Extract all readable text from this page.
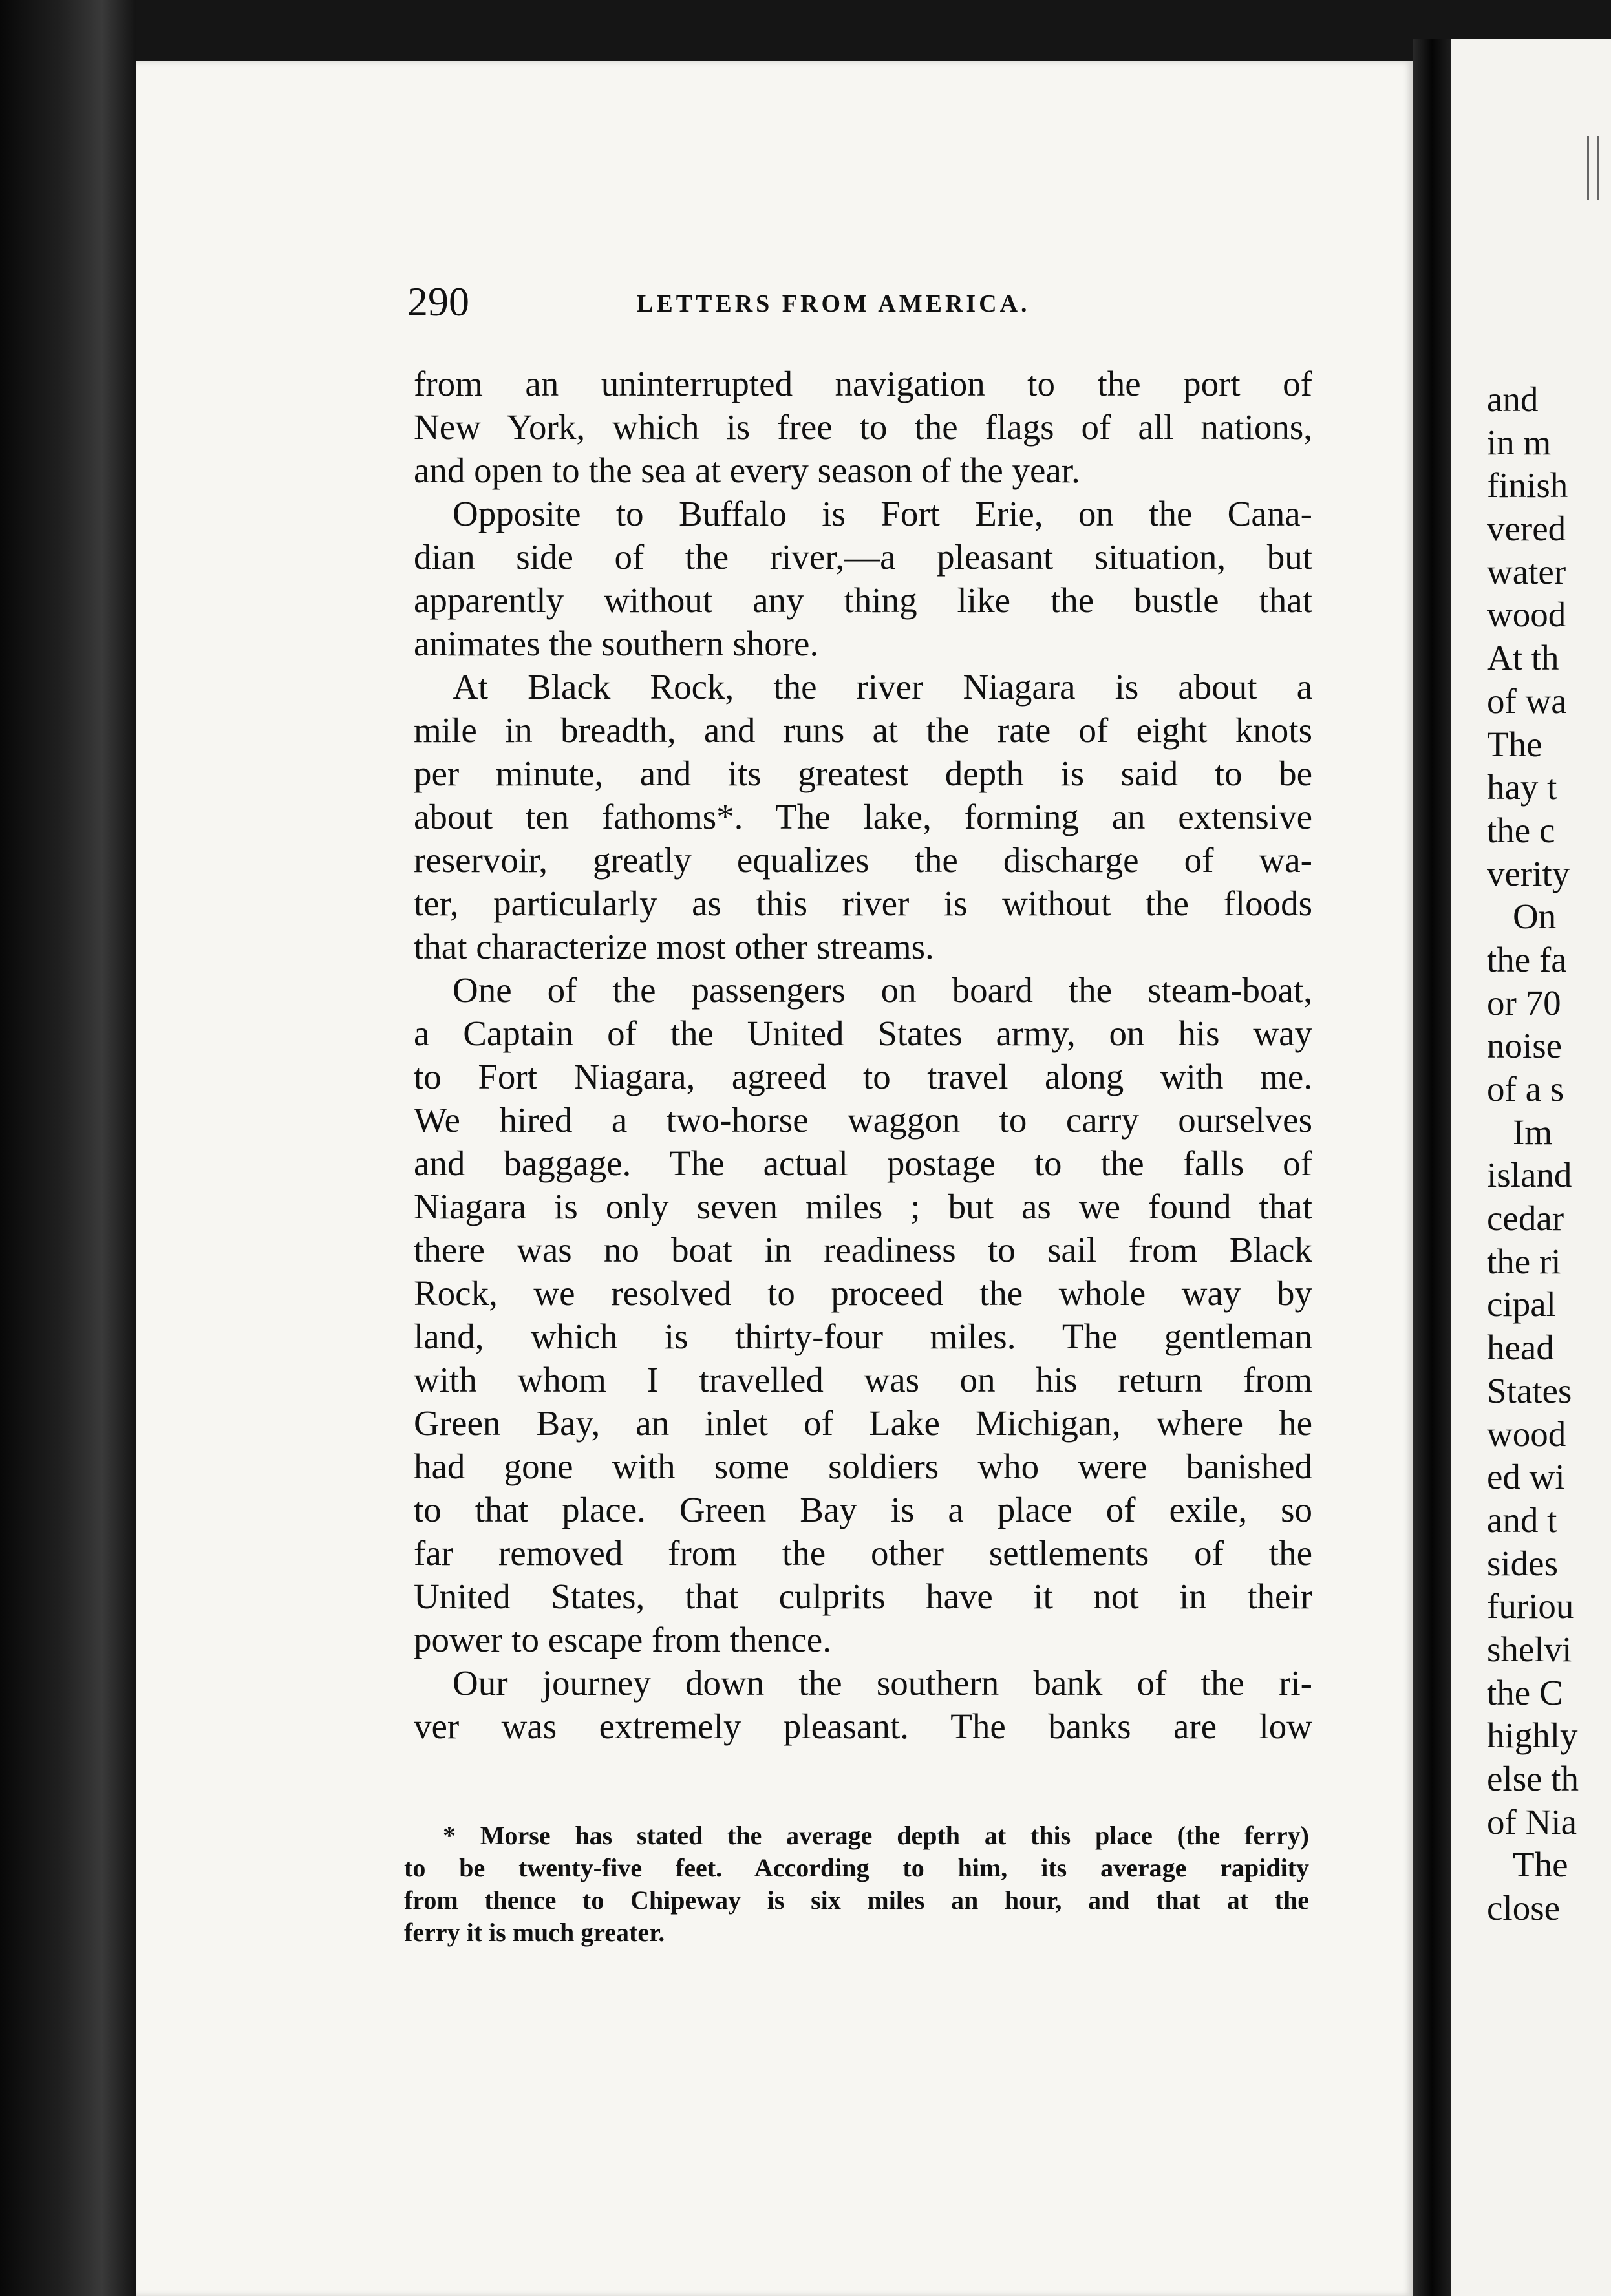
290	LETTERS FROM AMERICA.
from an uninterrupted navigation to the port of
New York, which is free to the flags of all nations,
and open to the sea at every season of the year.
Opposite to Buffalo is Fort Erie, on the Cana-
dian side of the river,—a pleasant situation, but
apparently without any thing like the bustle that
animates the southern shore.
At Black Rock, the river Niagara is about a
mile in breadth, and runs at the rate of eight knots
per minute, and its greatest depth is said to be
about ten fathoms*. The lake, forming an extensive
reservoir, greatly equalizes the discharge of wa-
ter, particularly as this river is without the floods
that characterize most other streams.
One of the passengers on board the steam-boat,
a Captain of the United States army, on his way
to Fort Niagara, agreed to travel along with me.
We hired a two-horse waggon to carry ourselves
and baggage. The actual postage to the falls of
Niagara is only seven miles ; but as we found that
there was no boat in readiness to sail from Black
Rock, we resolved to proceed the whole way by
land, which is thirty-four miles. The gentleman
with whom I travelled was on his return from
Green Bay, an inlet of Lake Michigan, where he
had gone with some soldiers who were banished
to that place. Green Bay is a place of exile, so
far removed from the other settlements of the
United States, that culprits have it not in their
power to escape from thence.
Our journey down the southern bank of the ri-
ver was extremely pleasant. The banks are low
* Morse has stated the average depth at this place (the ferry)
to be twenty-five feet. According to him, its average rapidity
from thence to Chipeway is six miles an hour, and that at the
ferry it is much greater.
and
in m
finish
vered
water
wood
At th
of wa
The
hay t
the c
verity
On
the fa
or 70
noise
of a s
Im
island
cedar
the ri
cipal
head
States
wood
ed wi
and t
sides
furiou
shelvi
the C
highly
else th
of Nia
The
close
